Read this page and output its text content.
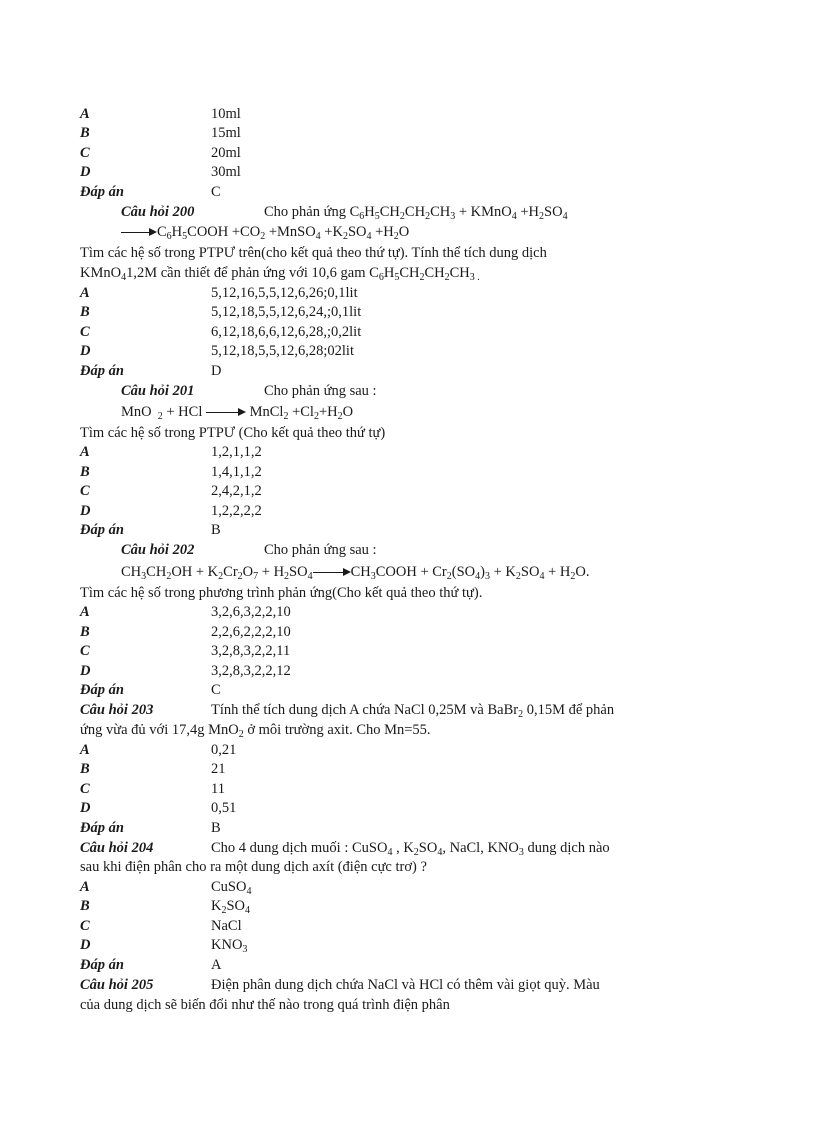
A	10ml
B	15ml
C	20ml
D	30ml
Đáp án	C
Câu hỏi 200	Cho phản ứng $C_6H_5CH_2CH_2CH_3$ + KMnO$_4$ $+H_2SO_4$
$C_6H_5COOH +CO_2$ +MnSO$_4$ $+K_2SO_4 +H_2O$
Tìm các hệ số trong PTPƯ trên(cho kết quả theo thứ tự). Tính thể tích dung dịch
KMnO$_4$1,2M cần thiết để phản ứng với 10,6 gam $C_6H_5CH_2CH_2CH_{3 .}$
A	5,12,16,5,5,12,6,26;0,1lit
B	5,12,18,5,5,12,6,24,;0,1lit
C	6,12,18,6,6,12,6,28,;0,2lit
D	5,12,18,5,5,12,6,28;02lit
Đáp án	D
Câu hỏi 201	Cho phản ứng sau :
MnO  $_2$ + HCl	MnCl$_2$ $+Cl_2+H_2O$
Tìm các hệ số trong PTPƯ (Cho kết quả theo thứ tự)
A	1,2,1,1,2
B	1,4,1,1,2
C	2,4,2,1,2
D	1,2,2,2,2
Đáp án	B
Câu hỏi 202	Cho phản ứng sau :
$CH_3CH_2OH + K_2Cr_2O_7 + H_2SO_4$	$CH_3COOH + Cr_2(SO_4)_3 + K_2SO_4 + H_2O$.
Tìm các hệ số trong phương trình phản ứng(Cho kết quả theo thứ tự).
A	3,2,6,3,2,2,10
B	2,2,6,2,2,2,10
C	3,2,8,3,2,2,11
D	3,2,8,3,2,2,12
Đáp án	C
Câu hỏi 203	Tính thể tích dung dịch A chứa NaCl 0,25M và BaBr$_2$ 0,15M để phản
ứng vừa đủ với 17,4g MnO$_2$ ở môi trường axit. Cho Mn=55.
A	0,21
B	21
C	11
D	0,51
Đáp án	B
Câu hỏi 204	Cho 4 dung dịch muối : CuSO$_4$ , $K_2SO_4$, NaCl, $KNO_3$ dung dịch nào
sau khi điện phân cho ra một dung dịch axít (điện cực trơ) ?
A	CuSO$_4$
B	$K_2SO_4$
C	NaCl
D	$KNO_3$
Đáp án	A
Câu hỏi 205	Điện phân dung dịch chứa NaCl và HCl có thêm vài giọt quỳ. Màu
của dung dịch sẽ biến đổi như thế nào trong quá trình điện phân
